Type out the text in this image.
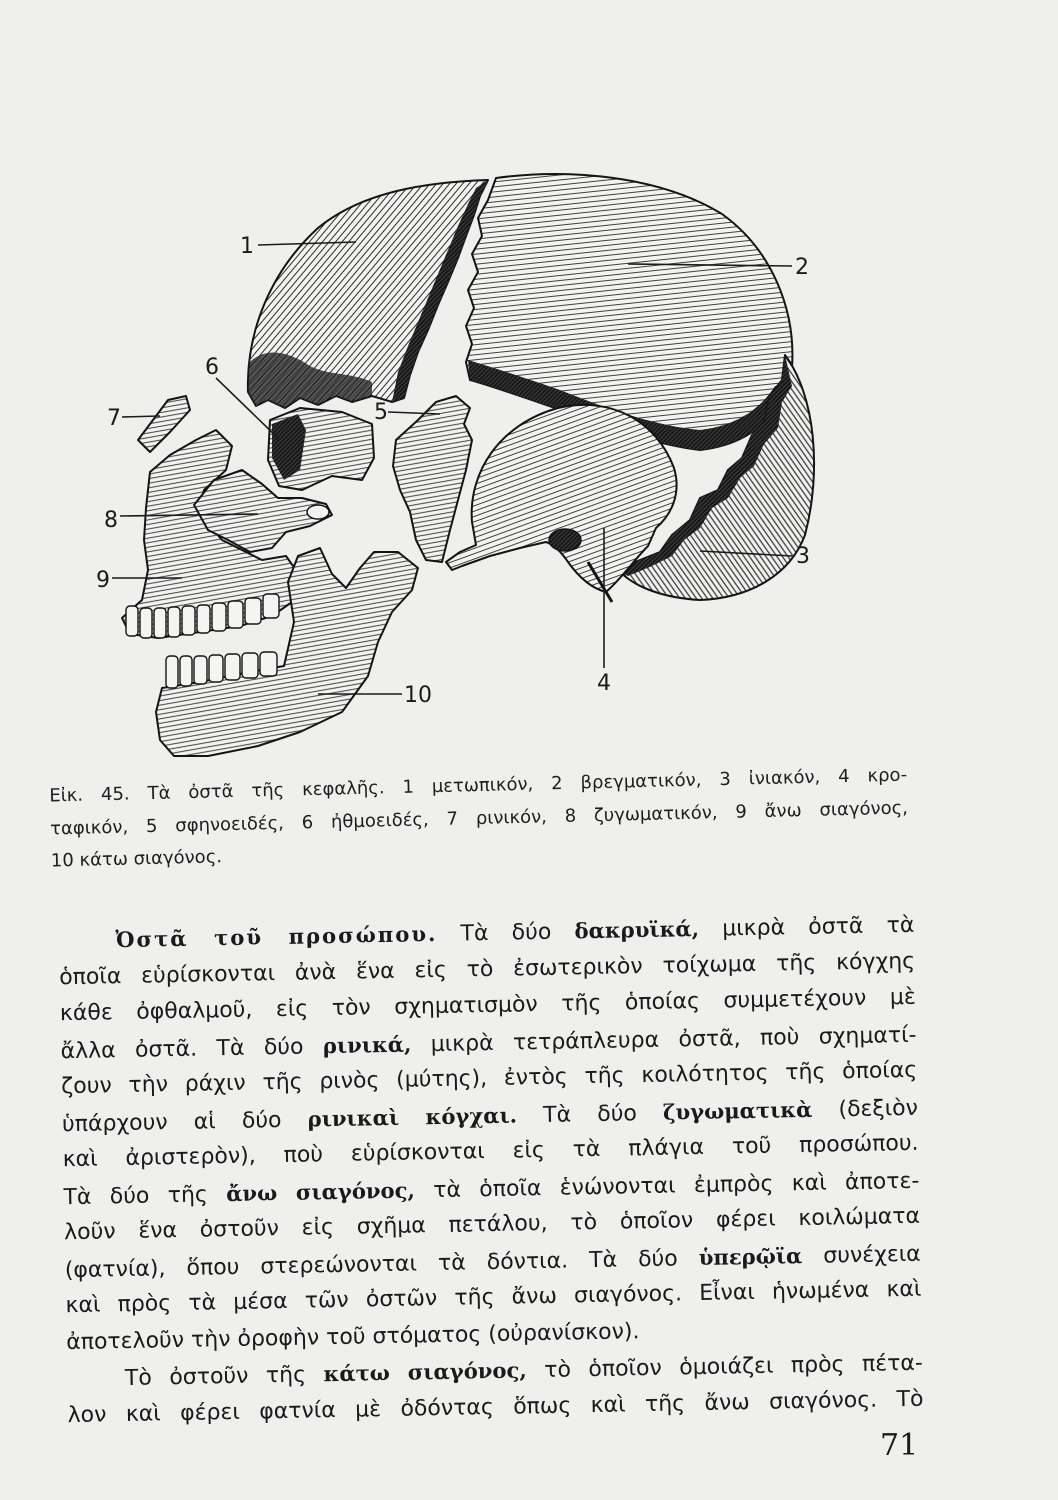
1
2
3
4
5
6
7
8
9
10
Εἰκ. 45. Τὰ ὀστᾶ τῆς κεφαλῆς. 1 μετωπικόν, 2 βρεγματικόν, 3 ἰνιακόν, 4 κρο-
ταφικόν, 5 σφηνοειδές, 6 ἠθμοειδές, 7 ρινικόν, 8 ζυγωματικόν, 9 ἄνω σιαγόνος,
10 κάτω σιαγόνος.
Ὀστᾶ τοῦ προσώπου. Τὰ δύο δακρυϊκά, μικρὰ ὀστᾶ τὰ
ὁποῖα εὑρίσκονται ἀνὰ ἕνα εἰς τὸ ἐσωτερικὸν τοίχωμα τῆς κόγχης
κάθε ὀφθαλμοῦ, εἰς τὸν σχηματισμὸν τῆς ὁποίας συμμετέχουν μὲ
ἄλλα ὀστᾶ. Τὰ δύο ρινικά, μικρὰ τετράπλευρα ὀστᾶ, ποὺ σχηματί-
ζουν τὴν ράχιν τῆς ρινὸς (μύτης), ἐντὸς τῆς κοιλότητος τῆς ὁποίας
ὑπάρχουν αἱ δύο ρινικαὶ κόγχαι. Τὰ δύο ζυγωματικὰ (δεξιὸν
καὶ ἀριστερὸν), ποὺ εὑρίσκονται εἰς τὰ πλάγια τοῦ προσώπου.
Τὰ δύο τῆς ἄνω σιαγόνος, τὰ ὁποῖα ἑνώνονται ἐμπρὸς καὶ ἀποτε-
λοῦν ἕνα ὀστοῦν εἰς σχῆμα πετάλου, τὸ ὁποῖον φέρει κοιλώματα
(φατνία), ὅπου στερεώνονται τὰ δόντια. Τὰ δύο ὑπερῷϊα συνέχεια
καὶ πρὸς τὰ μέσα τῶν ὀστῶν τῆς ἄνω σιαγόνος. Εἶναι ἡνωμένα καὶ
ἀποτελοῦν τὴν ὀροφὴν τοῦ στόματος (οὐρανίσκον).
Τὸ ὀστοῦν τῆς κάτω σιαγόνος, τὸ ὁποῖον ὁμοιάζει πρὸς πέτα-
λον καὶ φέρει φατνία μὲ ὀδόντας ὅπως καὶ τῆς ἄνω σιαγόνος. Τὸ
71
